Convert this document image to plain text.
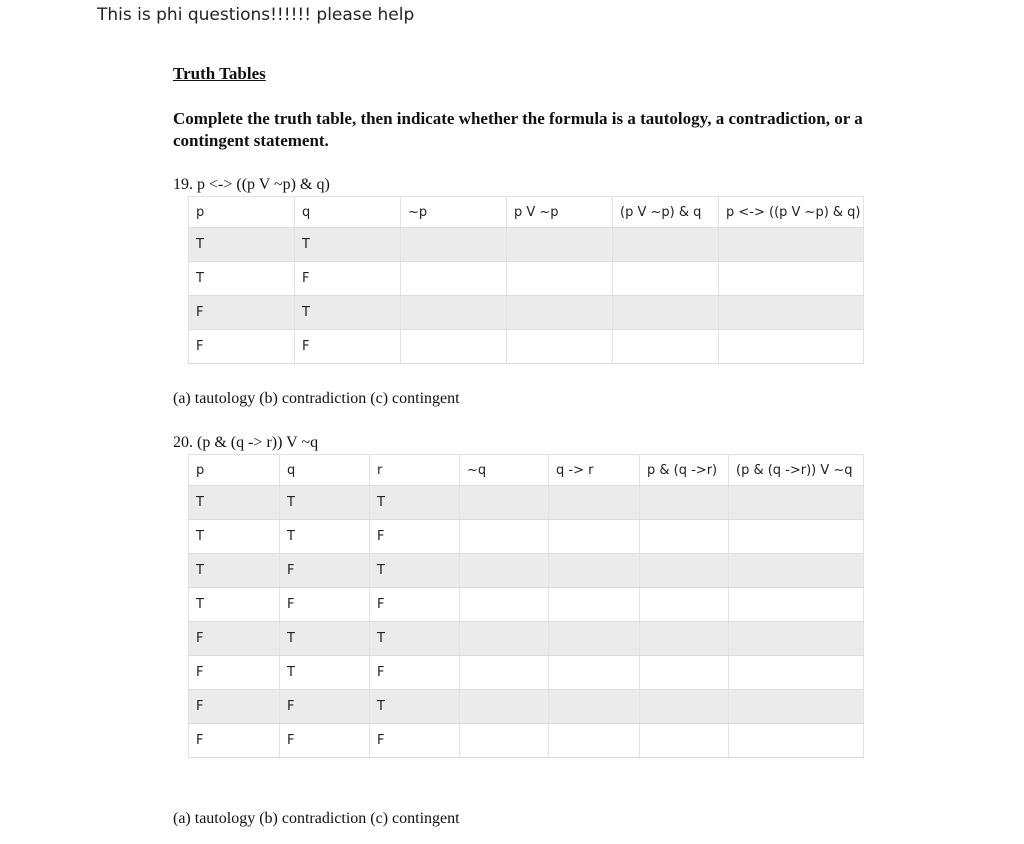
This is phi questions!!!!!! please help

Truth Tables

Complete the truth table, then indicate whether the formula is a tautology, a contradiction, or a contingent statement.

19. p <-> ((p V ~p) & q)

p	q	~p	p V ~p	(p V ~p) & q	p <-> ((p V ~p) & q)
T	T				
T	F				
F	T				
F	F				

(a) tautology (b) contradiction (c) contingent

20. (p & (q -> r)) V ~q

p	q	r	~q	q -> r	p & (q ->r)	(p & (q ->r)) V ~q
T	T	T				
T	T	F				
T	F	T				
T	F	F				
F	T	T				
F	T	F				
F	F	T				
F	F	F				

(a) tautology (b) contradiction (c) contingent
